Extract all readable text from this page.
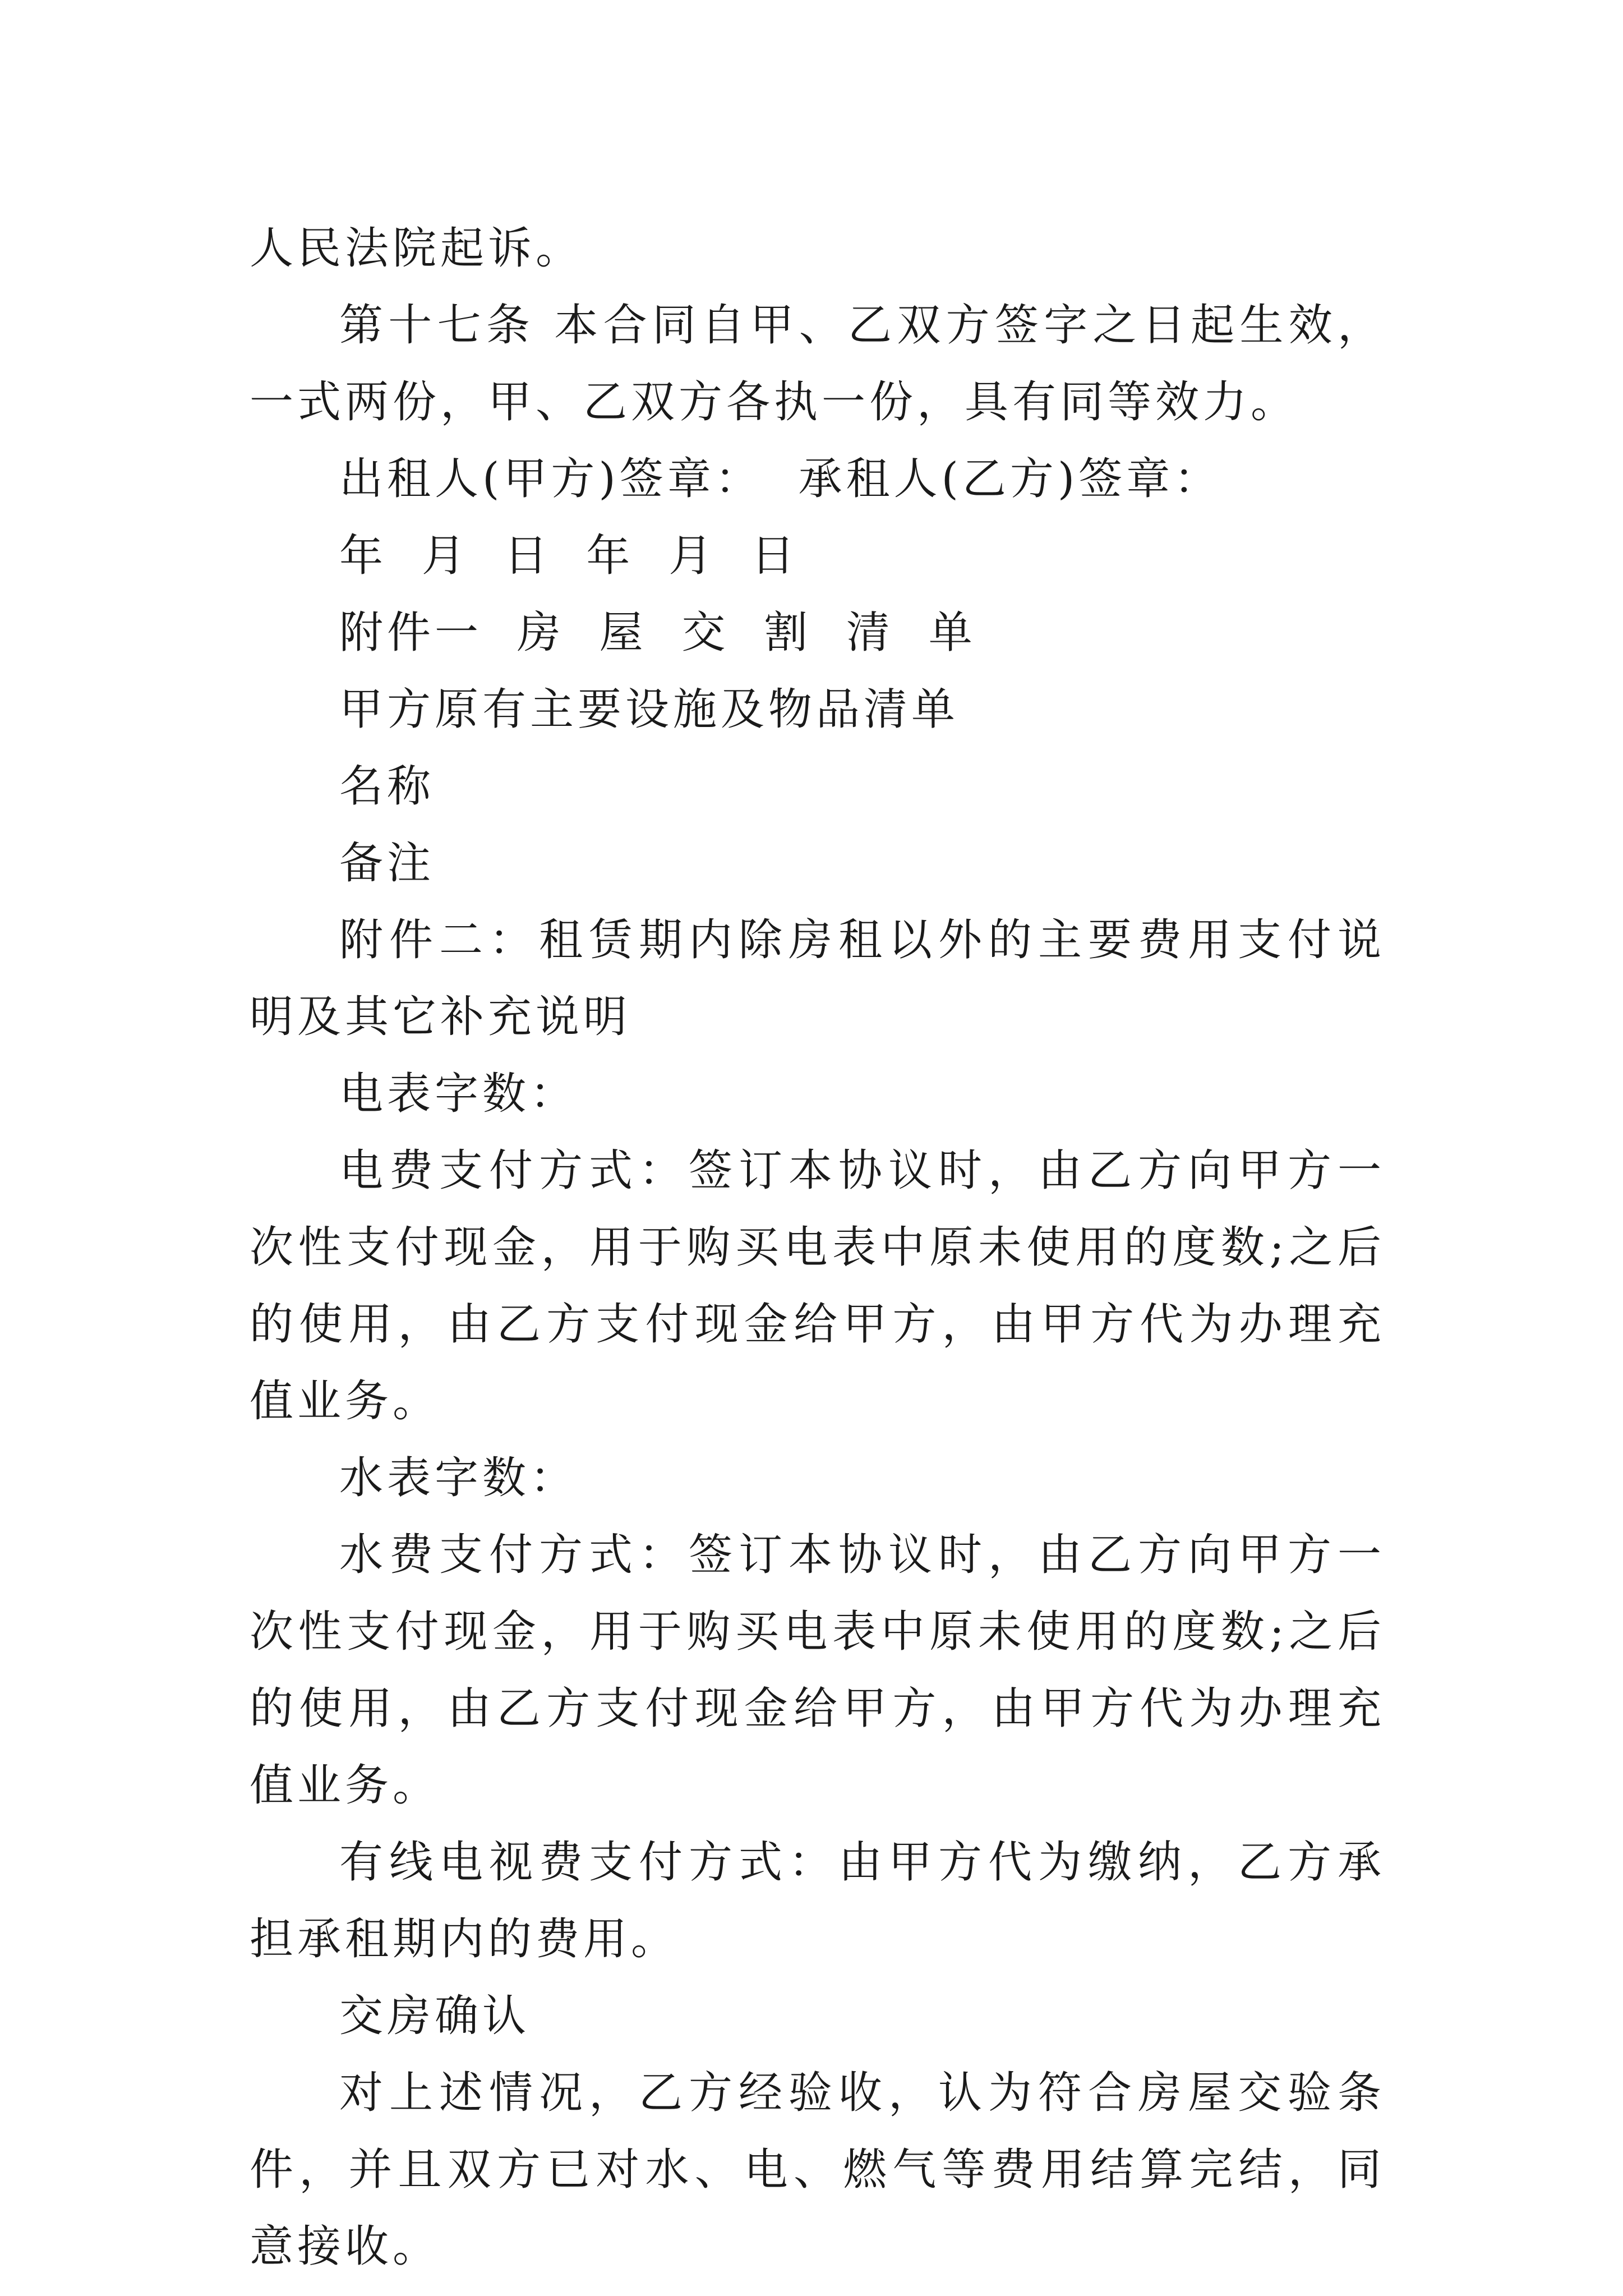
人民法院起诉。

第十七条 本合同自甲、乙双方签字之日起生效，一式两份，甲、乙双方各执一份，具有同等效力。

出租人(甲方)签章：  承租人(乙方)签章：

年 月 日 年 月 日

附件一 房 屋 交 割 清 单

甲方原有主要设施及物品清单

名称

备注

附件二：租赁期内除房租以外的主要费用支付说明及其它补充说明

电表字数：

电费支付方式：签订本协议时，由乙方向甲方一次性支付现金，用于购买电表中原未使用的度数;之后的使用，由乙方支付现金给甲方，由甲方代为办理充值业务。

水表字数：

水费支付方式：签订本协议时，由乙方向甲方一次性支付现金，用于购买电表中原未使用的度数;之后的使用，由乙方支付现金给甲方，由甲方代为办理充值业务。

有线电视费支付方式：由甲方代为缴纳，乙方承担承租期内的费用。

交房确认

对上述情况，乙方经验收，认为符合房屋交验条件，并且双方已对水、电、燃气等费用结算完结，同意接收。
